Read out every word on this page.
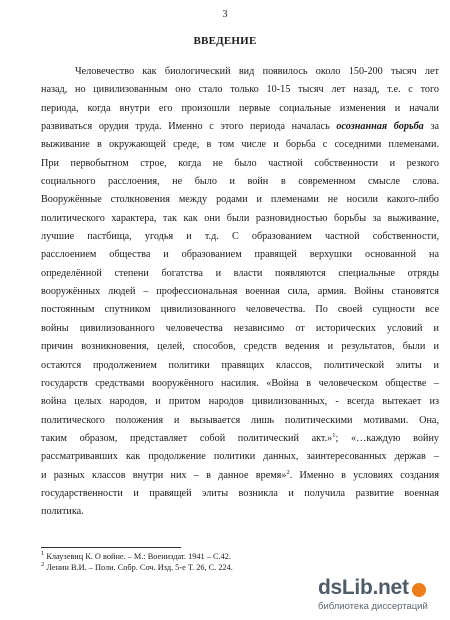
3
ВВЕДЕНИЕ
Человечество как биологический вид появилось около 150-200 тысяч лет
назад, но цивилизованным оно стало только 10-15 тысяч лет назад, т.е. с того
периода, когда внутри его произошли первые социальные изменения и начали
развиваться орудия труда. Именно с этого периода началась осознанная борьба за
выживание в окружающей среде, в том числе и борьба с соседними племенами.
При первобытном строе, когда не было частной собственности и резкого
социального расслоения, не было и войн в современном смысле слова.
Вооружённые столкновения между родами и племенами не носили какого-либо
политического характера, так как они были разновидностью борьбы за выживание,
лучшие пастбища, угодья и т.д. С образованием частной собственности,
расслоением общества и образованием правящей верхушки основанной на
определённой степени богатства и власти появляются специальные отряды
вооружённых людей – профессиональная военная сила, армия. Войны становятся
постоянным спутником цивилизованного человечества. По своей сущности все
войны цивилизованного человечества независимо от исторических условий и
причин возникновения, целей, способов, средств ведения и результатов, были и
остаются продолжением политики правящих классов, политической элиты и
государств средствами вооружённого насилия. «Война в человеческом обществе –
война целых народов, и притом народов цивилизованных, - всегда вытекает из
политического положения и вызывается лишь политическими мотивами. Она,
таким образом, представляет собой политический акт.»$^1$; «…каждую войну
рассматривавших как продолжение политики данных, заинтересованных держав –
и разных классов внутри них – в данное время»$^2$. Именно в условиях создания
государственности и правящей элиты возникла и получила развитие военная
политика.
$^1$ Клаузевиц К. О войне. – М.: Воениздат. 1941 – С.42.
$^2$ Ленин В.И. – Поли. Собр. Соч. Изд. 5-е Т. 26, С. 224.
dsLib.net
библиотека диссертаций
